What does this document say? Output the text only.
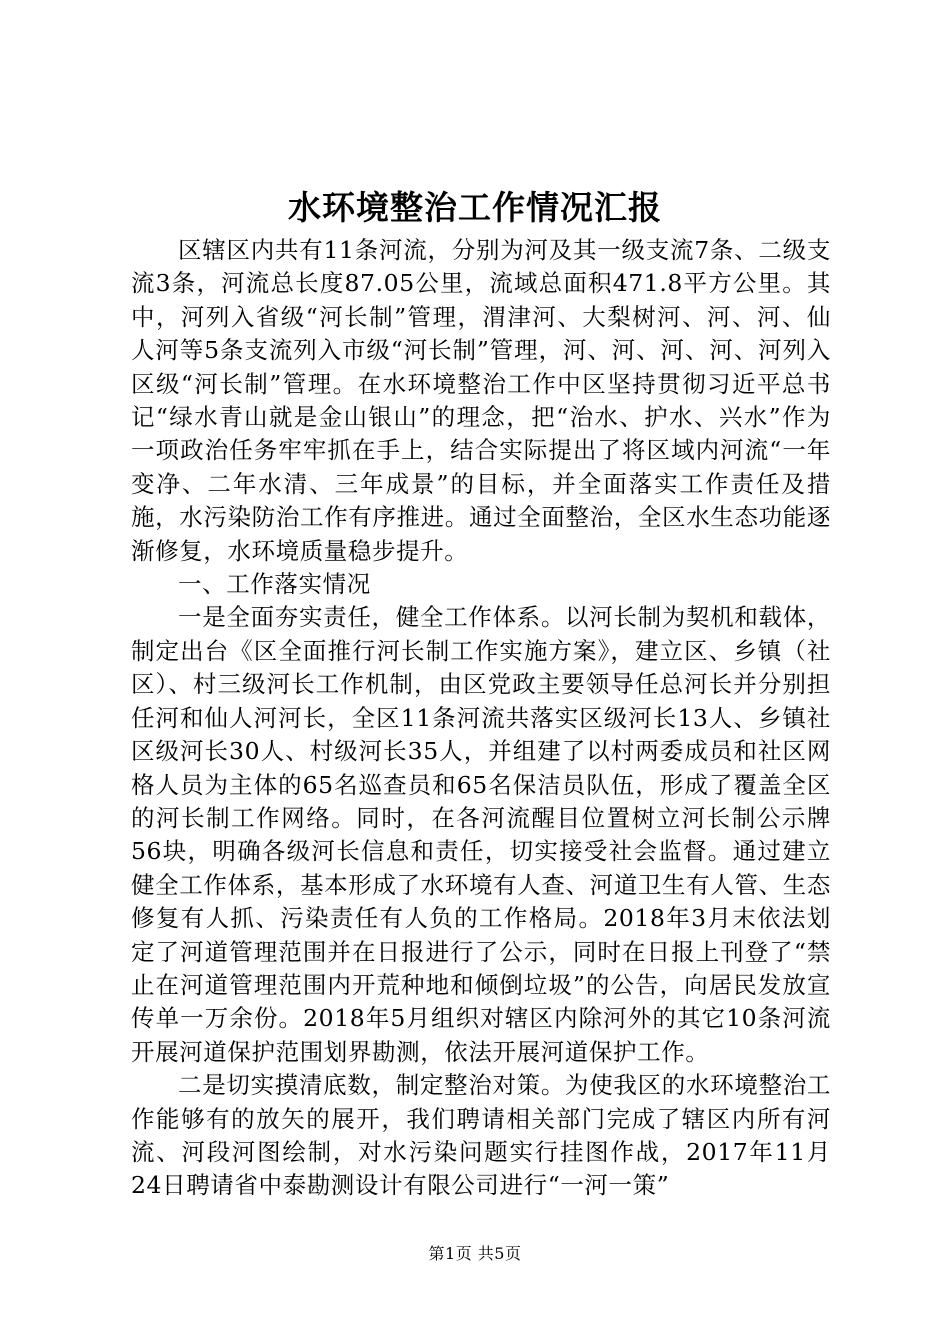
水环境整治工作情况汇报

区辖区内共有11条河流，分别为河及其一级支流7条、二级支流3条，河流总长度87.05公里，流域总面积471.8平方公里。其中，河列入省级“河长制”管理，渭津河、大梨树河、河、河、仙人河等5条支流列入市级“河长制”管理，河、河、河、河、河列入区级“河长制”管理。在水环境整治工作中区坚持贯彻习近平总书记“绿水青山就是金山银山”的理念，把“治水、护水、兴水”作为一项政治任务牢牢抓在手上，结合实际提出了将区域内河流“一年变净、二年水清、三年成景”的目标，并全面落实工作责任及措施，水污染防治工作有序推进。通过全面整治，全区水生态功能逐渐修复，水环境质量稳步提升。

一、工作落实情况

一是全面夯实责任，健全工作体系。以河长制为契机和载体，制定出台《区全面推行河长制工作实施方案》，建立区、乡镇（社区）、村三级河长工作机制，由区党政主要领导任总河长并分别担任河和仙人河河长，全区11条河流共落实区级河长13人、乡镇社区级河长30人、村级河长35人，并组建了以村两委成员和社区网格人员为主体的65名巡查员和65名保洁员队伍，形成了覆盖全区的河长制工作网络。同时，在各河流醒目位置树立河长制公示牌56块，明确各级河长信息和责任，切实接受社会监督。通过建立健全工作体系，基本形成了水环境有人查、河道卫生有人管、生态修复有人抓、污染责任有人负的工作格局。2018年3月末依法划定了河道管理范围并在日报进行了公示，同时在日报上刊登了“禁止在河道管理范围内开荒种地和倾倒垃圾”的公告，向居民发放宣传单一万余份。2018年5月组织对辖区内除河外的其它10条河流开展河道保护范围划界勘测，依法开展河道保护工作。

二是切实摸清底数，制定整治对策。为使我区的水环境整治工作能够有的放矢的展开，我们聘请相关部门完成了辖区内所有河流、河段河图绘制，对水污染问题实行挂图作战，2017年11月24日聘请省中泰勘测设计有限公司进行“一河一策”

第1页 共5页
